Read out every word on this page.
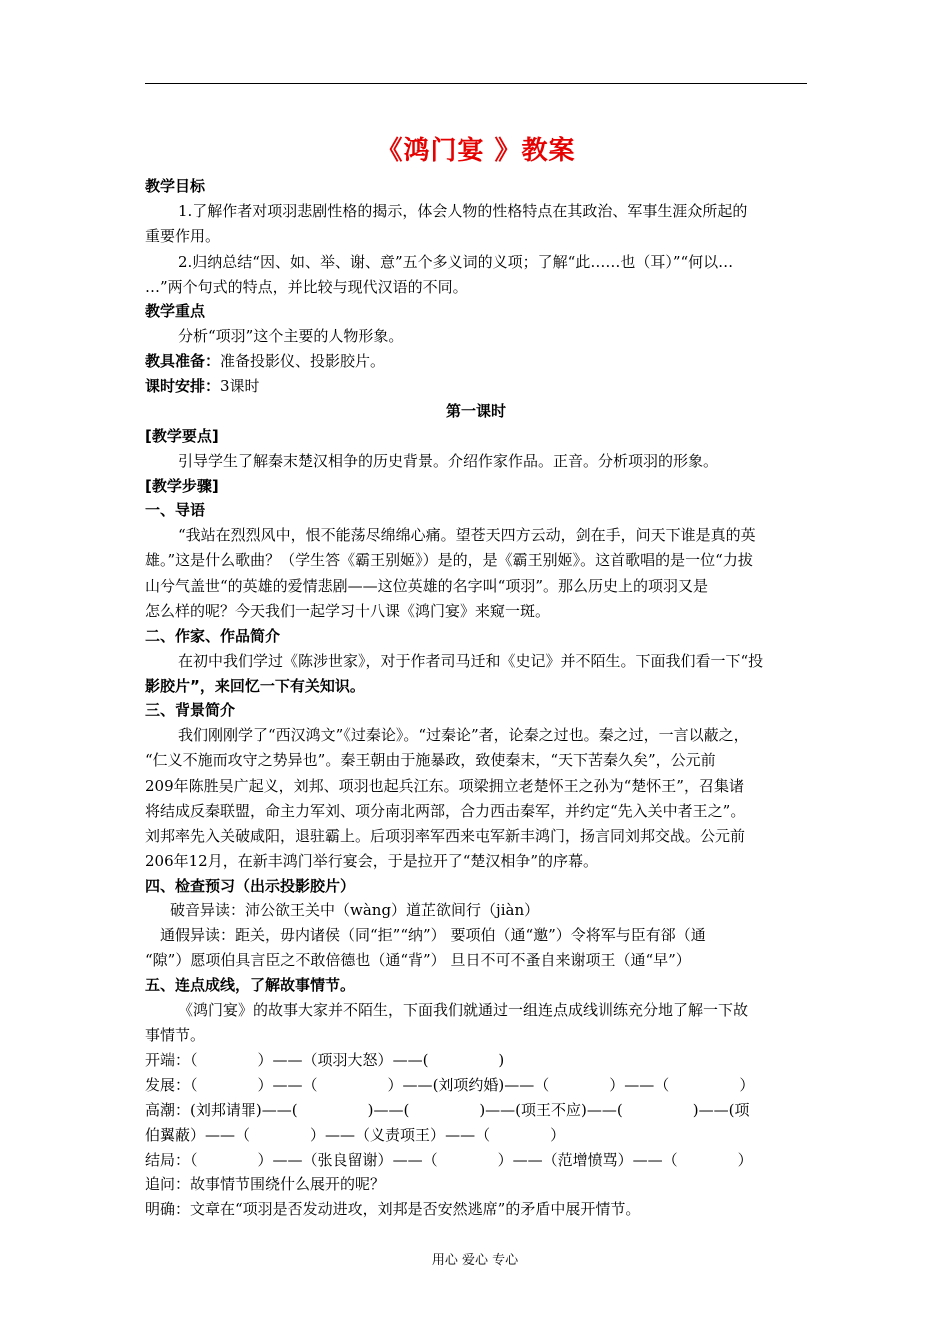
《鸿门宴 》教案
教学目标
1.了解作者对项羽悲剧性格的揭示，体会人物的性格特点在其政治、军事生涯众所起的
重要作用。
2.归纳总结“因、如、举、谢、意”五个多义词的义项；了解“此……也（耳）”“何以…
…”两个句式的特点，并比较与现代汉语的不同。
教学重点
分析“项羽”这个主要的人物形象。
教具准备：准备投影仪、投影胶片。
课时安排：3课时
第一课时
[教学要点]
引导学生了解秦末楚汉相争的历史背景。介绍作家作品。正音。分析项羽的形象。
[教学步骤]
一、导语
“我站在烈烈风中，恨不能荡尽绵绵心痛。望苍天四方云动，剑在手，问天下谁是真的英
雄。”这是什么歌曲？（学生答《霸王别姬》）是的，是《霸王别姬》。这首歌唱的是一位“力拔
山兮气盖世“的英雄的爱情悲剧——这位英雄的名字叫“项羽”。那么历史上的项羽又是
怎么样的呢？今天我们一起学习十八课《鸿门宴》来窥一斑。
二、作家、作品简介
在初中我们学过《陈涉世家》，对于作者司马迁和《史记》并不陌生。下面我们看一下“投
影胶片”，来回忆一下有关知识。
三、背景简介
我们刚刚学了“西汉鸿文”《过秦论》。“过秦论”者，论秦之过也。秦之过，一言以蔽之，
“仁义不施而攻守之势异也”。秦王朝由于施暴政，致使秦末，“天下苦秦久矣”，公元前
209年陈胜吴广起义，刘邦、项羽也起兵江东。项梁拥立老楚怀王之孙为“楚怀王”，召集诸
将结成反秦联盟，命主力军刘、项分南北两部，合力西击秦军，并约定“先入关中者王之”。
刘邦率先入关破咸阳，退驻霸上。后项羽率军西来屯军新丰鸿门，扬言同刘邦交战。公元前
206年12月，在新丰鸿门举行宴会，于是拉开了“楚汉相争”的序幕。
四、检查预习（出示投影胶片）
破音异读：沛公欲王关中（wàng）道芷欲间行（jiàn）
通假异读：距关，毋内诸侯（同“拒”“纳”） 要项伯（通“邀”）令将军与臣有郤（通
“隙”）愿项伯具言臣之不敢倍德也（通“背”） 旦日不可不蚤自来谢项王（通“早”）
五、连点成线，了解故事情节。
《鸿门宴》的故事大家并不陌生，下面我们就通过一组连点成线训练充分地了解一下故
事情节。
开端：（	）——（项羽大怒）——(	)
发展：（	）——（	）——(刘项约婚)——（	）——（	）
高潮：(刘邦请罪)——(	)——(	)——(项王不应)——(	)——(项
伯翼蔽）——（	）——（义责项王）——（	）
结局：（	）——（张良留谢）——（	）——（范增愤骂）——（	）
追问：故事情节围绕什么展开的呢？
明确：文章在“项羽是否发动进攻，刘邦是否安然逃席”的矛盾中展开情节。
用心 爱心 专心
